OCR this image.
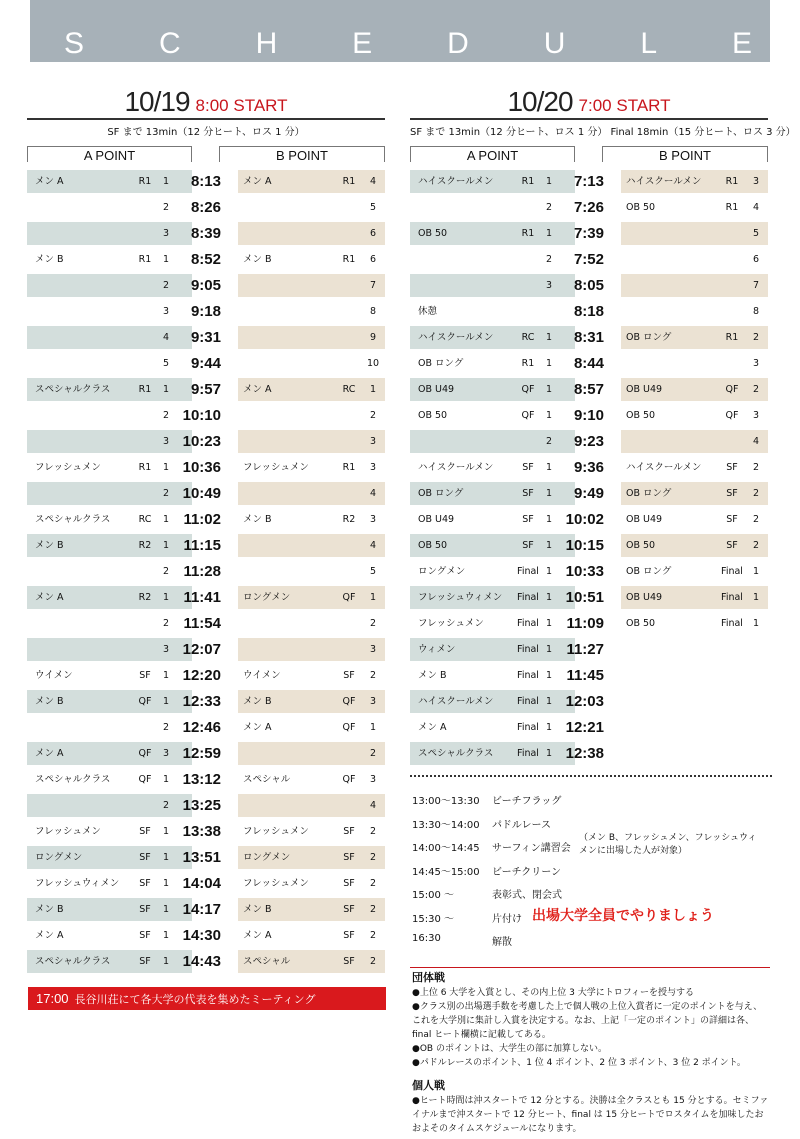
S C H E D U L E
10/19 8:00 START
SF まで 13min（12 分ヒート、ロス 1 分）
A POINT	B POINT
メン A	R1	1	8:13 メン A	R1	4
2	8:26	5
3	8:39	6
メン B	R1	1	8:52 メン B	R1	6
2	9:05	7
3	9:18	8
4	9:31	9
5	9:44	10
スペシャルクラス	R1	1	9:57 メン A	RC	1
2 10:10	2
3 10:23	3
フレッシュメン	R1	1 10:36 フレッシュメン	R1	3
2 10:49	4
スペシャルクラス	RC	1 11:02 メン B	R2	3
メン B	R2	1 11:15	4
2 11:28	5
メン A	R2	1 11:41 ロングメン	QF	1
2 11:54	2
3 12:07	3
ウイメン	SF	1 12:20 ウイメン	SF	2
メン B	QF	1 12:33 メン B	QF	3
2 12:46 メン A	QF	1
メン A	QF	3 12:59	2
スペシャルクラス	QF	1 13:12 スペシャル	QF	3
2 13:25	4
フレッシュメン	SF	1 13:38 フレッシュメン	SF	2
ロングメン	SF	1 13:51 ロングメン	SF	2
フレッシュウィメン	SF	1 14:04 フレッシュメン	SF	2
メン B	SF	1 14:17 メン B	SF	2
メン A	SF	1 14:30 メン A	SF	2
スペシャルクラス	SF	1 14:43 スペシャル	SF	2
10/20 7:00 START
SF まで 13min（12 分ヒート、ロス 1 分） Final 18min（15 分ヒート、ロス 3 分）
A POINT	B POINT
ハイスクールメン	R1	1	7:13 ハイスクールメン	R1	3
2	7:26 OB 50	R1	4
OB 50	R1	1	7:39	5
2	7:52	6
3	8:05	7
休憩	8:18	8
ハイスクールメン	RC	1	8:31 OB ロング	R1	2
OB ロング	R1	1	8:44	3
OB U49	QF	1	8:57 OB U49	QF	2
OB 50	QF	1	9:10 OB 50	QF	3
2	9:23	4
ハイスクールメン	SF	1	9:36 ハイスクールメン	SF	2
OB ロング	SF	1	9:49 OB ロング	SF	2
OB U49	SF	1 10:02 OB U49	SF	2
OB 50	SF	1 10:15 OB 50	SF	2
ロングメン	Final 1 10:33 OB ロング	Final	1
フレッシュウィメン	Final 1 10:51 OB U49	Final	1
フレッシュメン	Final 1 11:09 OB 50	Final	1
ウィメン	Final 1 11:27
メン B	Final 1 11:45
ハイスクールメン	Final 1 12:03
メン A	Final 1 12:21
スペシャルクラス	Final 1 12:38
17:00 長谷川荘にて各大学の代表を集めたミーティング
13:00～13:30 ビーチフラッグ
13:30～14:00 パドルレース
14:00～14:45 サーフィン講習会
（メン B、フレッシュメン、フレッシュウィメンに出場した人が対象）
14:45～15:00 ビーチクリーン
15:00 ～	表彰式、閉会式
15:30 ～	片付け 出場大学全員でやりましょう
16:30	解散
団体戦

●上位 6 大学を入賞とし、その内上位 3 大学にトロフィーを授与する

●クラス別の出場選手数を考慮した上で個人戦の上位入賞者に一定のポイントを与え、これを大学別に集計し入賞を決定する。なお、上記「一定のポイント」の詳細は各、final ヒート欄横に記載してある。

●OB のポイントは、大学生の部に加算しない。

●パドルレースのポイント、1 位 4 ポイント、2 位 3 ポイント、3 位 2 ポイント。

個人戦

●ヒート時間は沖スタートで 12 分とする。決勝は全クラスとも 15 分とする。セミファイナルまで沖スタートで 12 分ヒート、final は 15 分ヒートでロスタイムを加味したおおよそのタイムスケジュールになります。
